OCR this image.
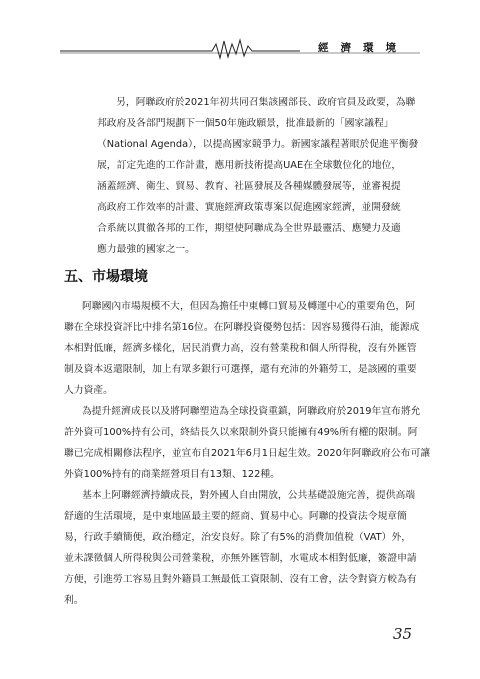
經濟環境
另，阿聯政府於2021年初共同召集該國部長、政府官員及政要，為聯
邦政府及各部門規劃下一個50年施政願景，批准最新的「國家議程」
（National Agenda），以提高國家競爭力。新國家議程著眼於促進平衡發
展，訂定先進的工作計畫，應用新技術提高UAE在全球數位化的地位，
涵蓋經濟、衛生、貿易、教育、社區發展及各種媒體發展等，並審視提
高政府工作效率的計畫、實施經濟政策專案以促進國家經濟，並開發統
合系統以貫徹各邦的工作，期望使阿聯成為全世界最靈活、應變力及適
應力最強的國家之一。
五、市場環境
阿聯國內市場規模不大，但因為擔任中東轉口貿易及轉運中心的重要角色，阿
聯在全球投資評比中排名第16位。在阿聯投資優勢包括：因容易獲得石油，能源成
本相對低廉，經濟多樣化，居民消費力高，沒有營業稅和個人所得稅，沒有外匯管
制及資本返還限制，加上有眾多銀行可選擇，還有充沛的外籍勞工，是該國的重要
人力資產。
為提升經濟成長以及將阿聯塑造為全球投資重鎮，阿聯政府於2019年宣布將允
許外資可100%持有公司，終結長久以來限制外資只能擁有49%所有權的限制。阿
聯已完成相關修法程序，並宣布自2021年6月1日起生效。2020年阿聯政府公布可讓
外資100%持有的商業經營項目有13類、122種。
基本上阿聯經濟持續成長，對外國人自由開放，公共基礎設施完善，提供高端
舒適的生活環境，是中東地區最主要的經商、貿易中心。阿聯的投資法令規章簡
易，行政手續簡便，政治穩定，治安良好。除了有5%的消費加值稅（VAT）外，
並未課徵個人所得稅與公司營業稅，亦無外匯管制，水電成本相對低廉，簽證申請
方便，引進勞工容易且對外籍員工無最低工資限制、沒有工會，法令對資方較為有
利。
35
